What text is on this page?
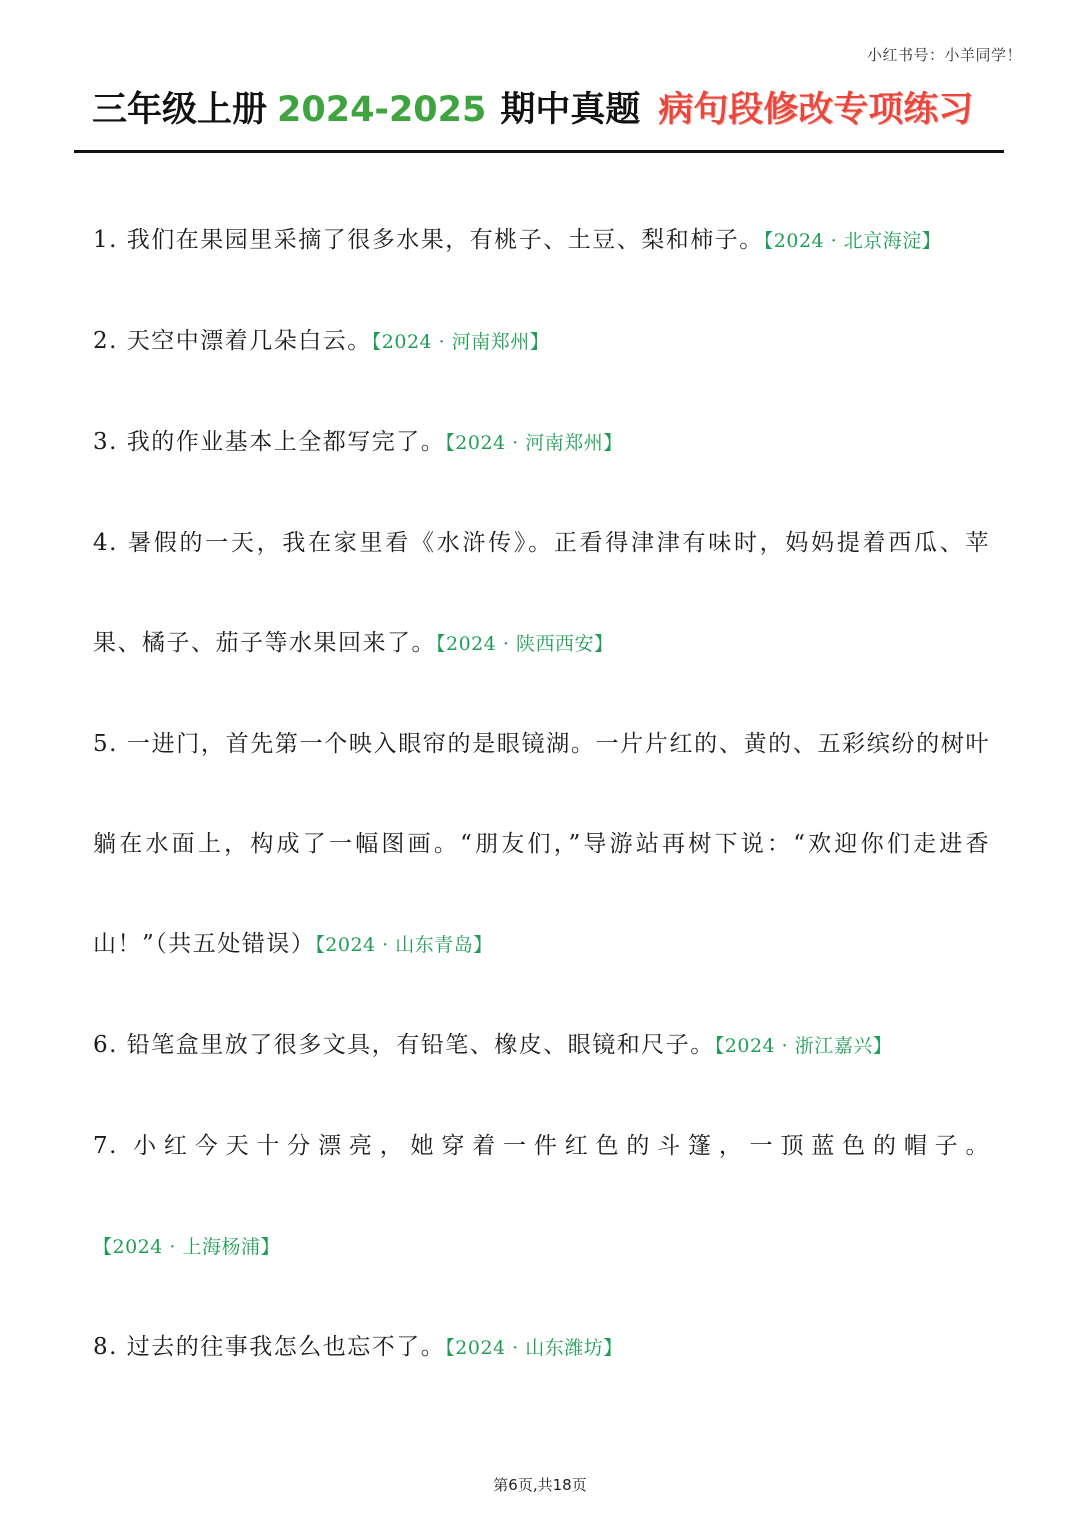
小红书号：小羊同学！
三年级上册 2024-2025 期中真题 病句段修改专项练习
1. 我们在果园里采摘了很多水果，有桃子、土豆、梨和柿子。【2024 · 北京海淀】
2. 天空中漂着几朵白云。【2024 · 河南郑州】
3. 我的作业基本上全都写完了。【2024 · 河南郑州】
4. 暑假的一天，我在家里看《水浒传》。正看得津津有味时，妈妈提着西瓜、苹果、橘子、茄子等水果回来了。【2024 · 陕西西安】
5. 一进门，首先第一个映入眼帘的是眼镜湖。一片片红的、黄的、五彩缤纷的树叶躺在水面上，构成了一幅图画。“朋友们，”导游站再树下说：“欢迎你们走进香山！”（共五处错误）【2024 · 山东青岛】
6. 铅笔盒里放了很多文具，有铅笔、橡皮、眼镜和尺子。【2024 · 浙江嘉兴】
7. 小红今天十分漂亮，她穿着一件红色的斗篷，一顶蓝色的帽子。【2024 · 上海杨浦】
8. 过去的往事我怎么也忘不了。【2024 · 山东潍坊】
第6页,共18页
